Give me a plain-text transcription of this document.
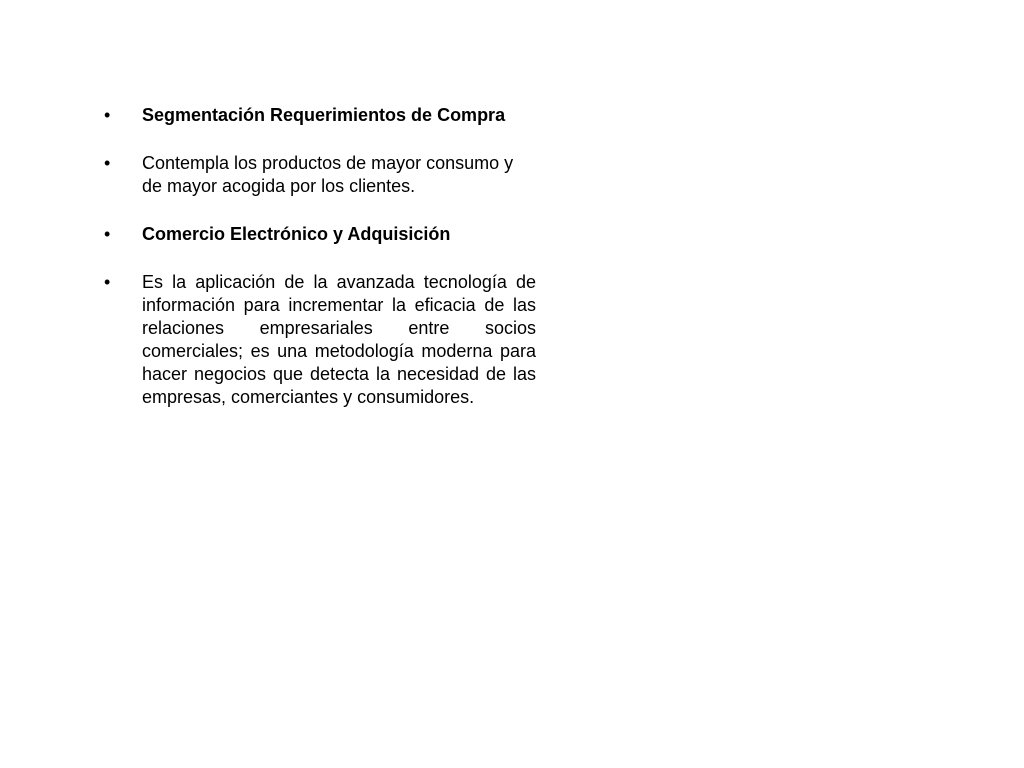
•	Segmentación Requerimientos de Compra
•	Contempla los productos de mayor consumo y de mayor acogida por los clientes.
•	Comercio Electrónico y Adquisición
•	Es la aplicación de la avanzada tecnología de información para incrementar la eficacia de las relaciones empresariales entre socios comerciales; es una metodología moderna para hacer negocios que detecta la necesidad de las empresas, comerciantes y consumidores.
